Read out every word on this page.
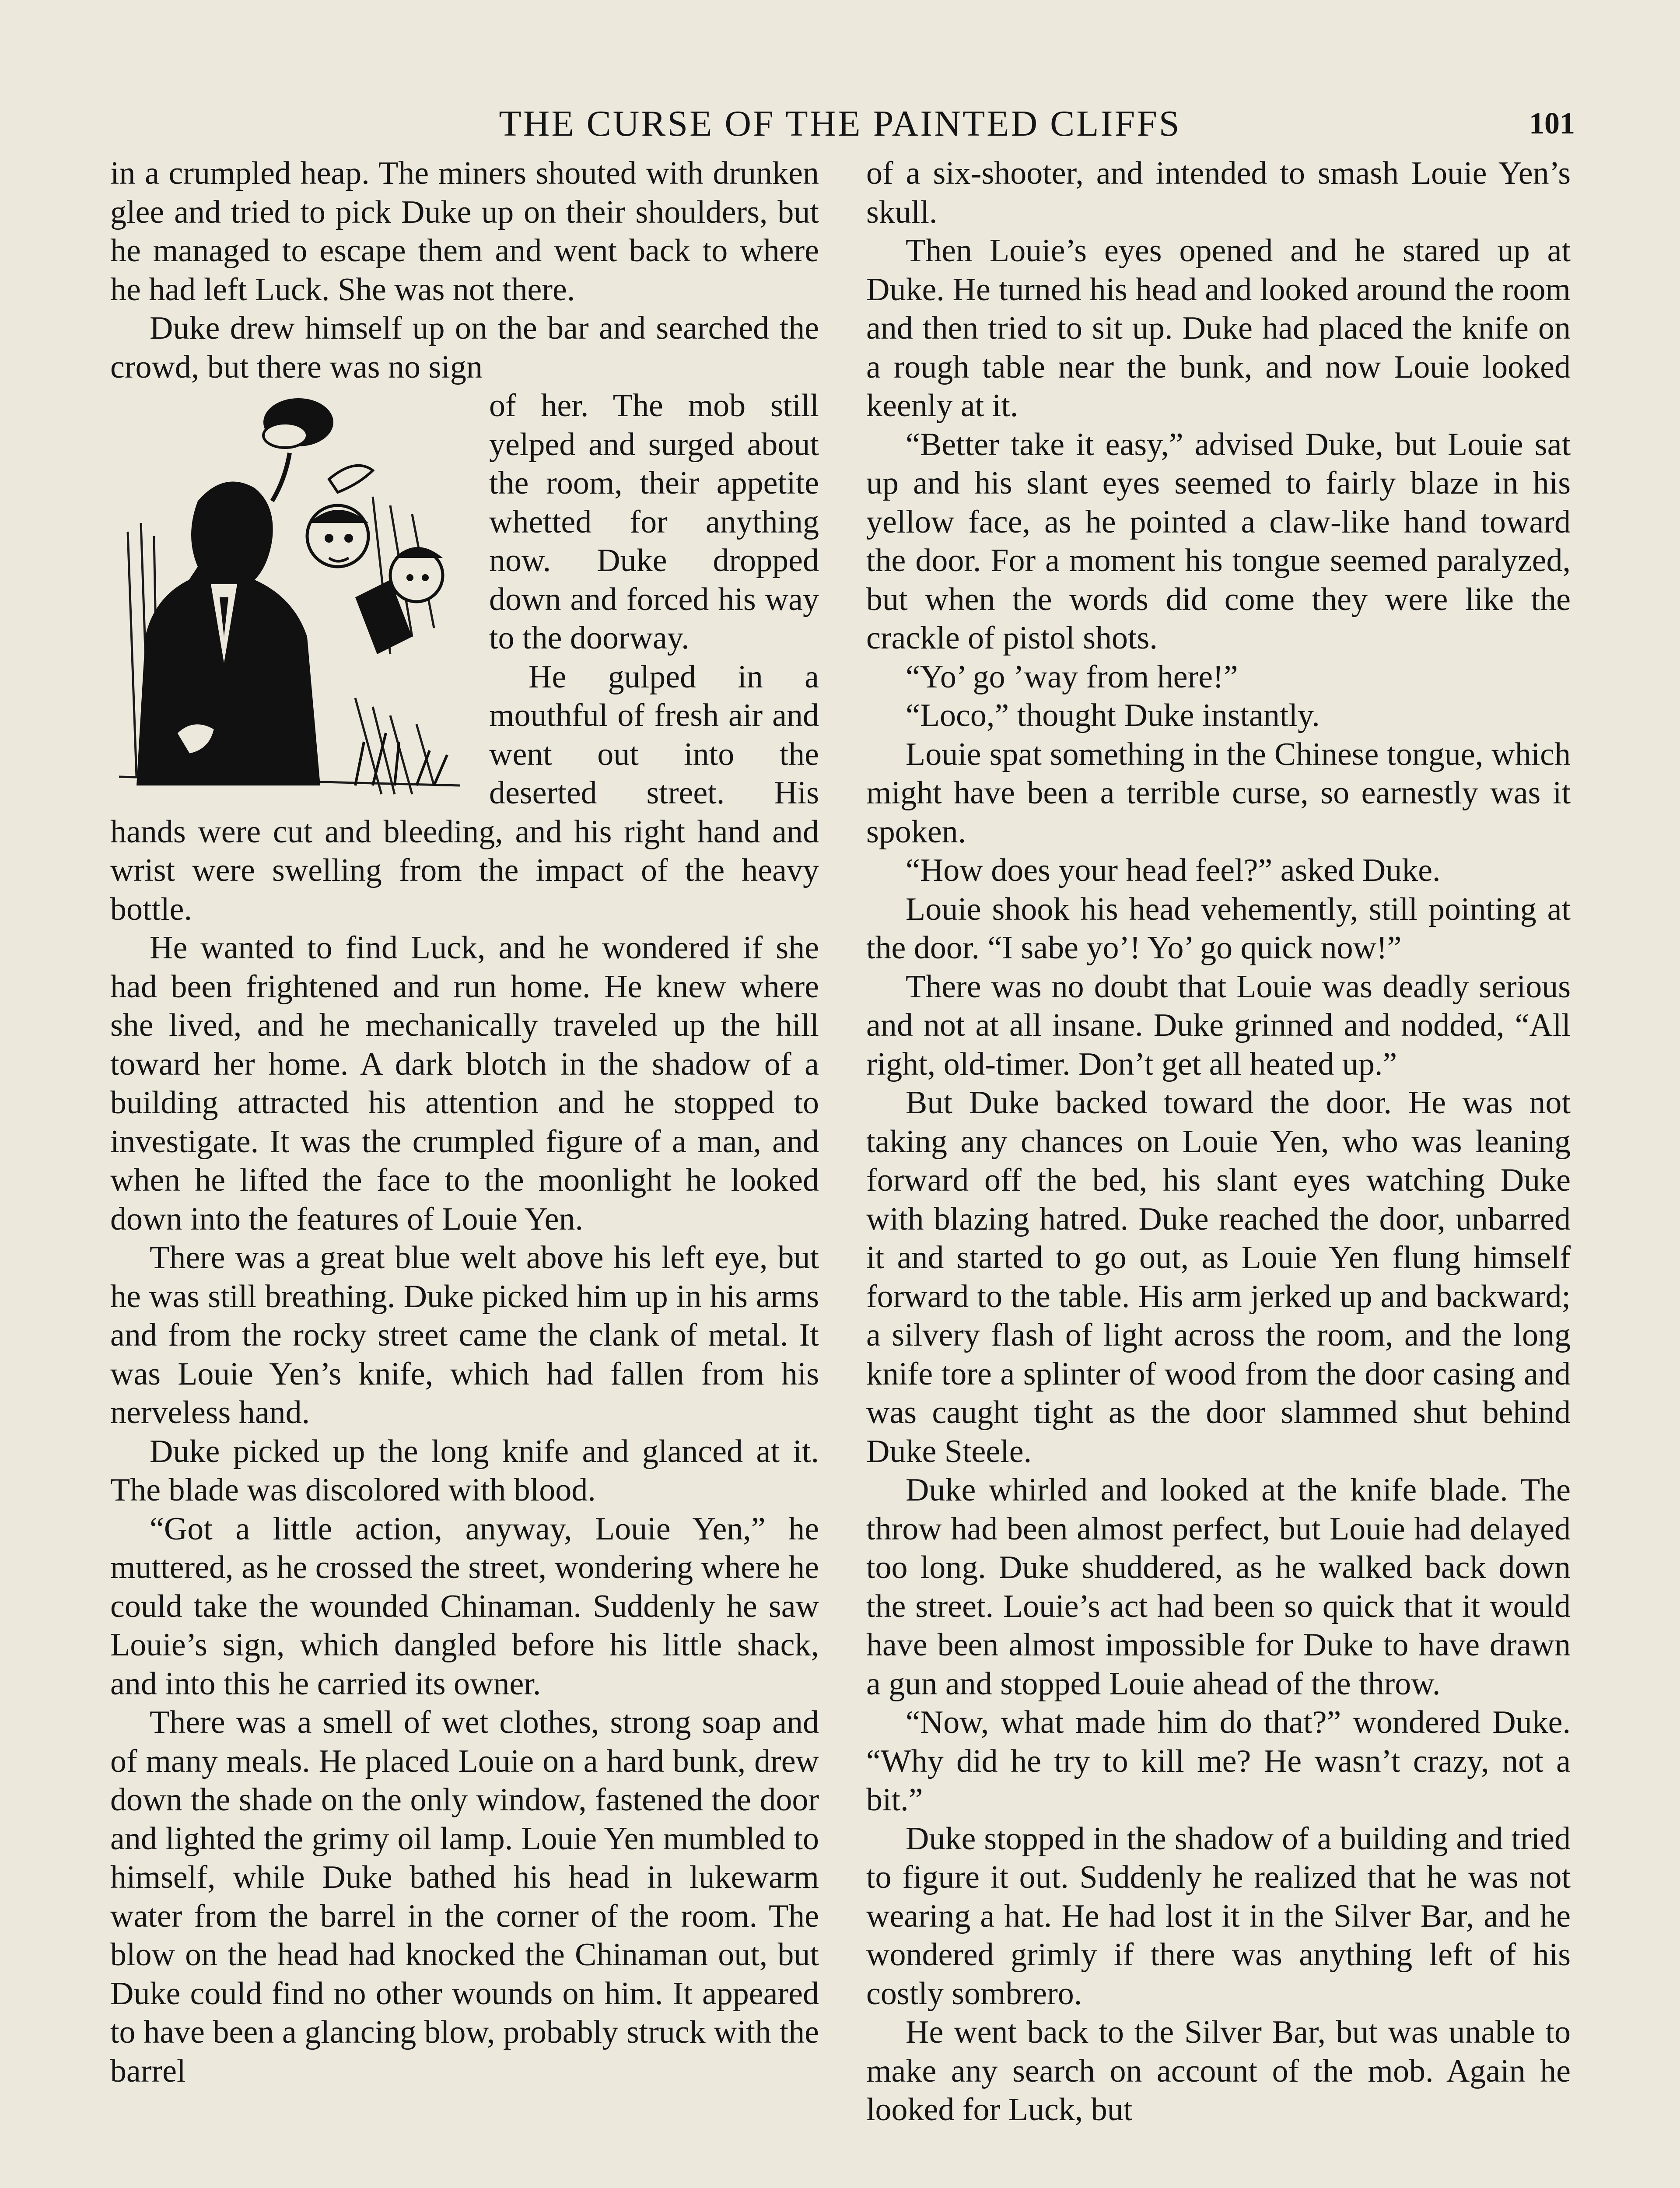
THE CURSE OF THE PAINTED CLIFFS	101

in a crumpled heap. The miners shouted with drunken glee and tried to pick Duke up on their shoulders, but he managed to escape them and went back to where he had left Luck. She was not there.

Duke drew himself up on the bar and searched the crowd, but there was no sign

of her. The mob still yelped and surged about the room, their appetite whetted for anything now. Duke dropped down and forced his way to the doorway.

He gulped in a mouthful of fresh air and went out into the deserted street. His hands were cut and bleeding, and his right hand and wrist were swelling from the impact of the heavy bottle.

He wanted to find Luck, and he wondered if she had been frightened and run home. He knew where she lived, and he mechanically traveled up the hill toward her home. A dark blotch in the shadow of a building attracted his attention and he stopped to investigate. It was the crumpled figure of a man, and when he lifted the face to the moonlight he looked down into the features of Louie Yen.

There was a great blue welt above his left eye, but he was still breathing. Duke picked him up in his arms and from the rocky street came the clank of metal. It was Louie Yen’s knife, which had fallen from his nerveless hand.

Duke picked up the long knife and glanced at it. The blade was discolored with blood.

“Got a little action, anyway, Louie Yen,” he muttered, as he crossed the street, wondering where he could take the wounded Chinaman. Suddenly he saw Louie’s sign, which dangled before his little shack, and into this he carried its owner.

There was a smell of wet clothes, strong soap and of many meals. He placed Louie on a hard bunk, drew down the shade on the only window, fastened the door and lighted the grimy oil lamp. Louie Yen mumbled to himself, while Duke bathed his head in lukewarm water from the barrel in the corner of the room. The blow on the head had knocked the Chinaman out, but Duke could find no other wounds on him. It appeared to have been a glancing blow, probably struck with the barrel

of a six-shooter, and intended to smash Louie Yen’s skull.

Then Louie’s eyes opened and he stared up at Duke. He turned his head and looked around the room and then tried to sit up. Duke had placed the knife on a rough table near the bunk, and now Louie looked keenly at it.

“Better take it easy,” advised Duke, but Louie sat up and his slant eyes seemed to fairly blaze in his yellow face, as he pointed a claw-like hand toward the door. For a moment his tongue seemed paralyzed, but when the words did come they were like the crackle of pistol shots.

“Yo’ go ’way from here!”

“Loco,” thought Duke instantly.

Louie spat something in the Chinese tongue, which might have been a terrible curse, so earnestly was it spoken.

“How does your head feel?” asked Duke.

Louie shook his head vehemently, still pointing at the door. “I sabe yo’! Yo’ go quick now!”

There was no doubt that Louie was deadly serious and not at all insane. Duke grinned and nodded, “All right, old-timer. Don’t get all heated up.”

But Duke backed toward the door. He was not taking any chances on Louie Yen, who was leaning forward off the bed, his slant eyes watching Duke with blazing hatred. Duke reached the door, unbarred it and started to go out, as Louie Yen flung himself forward to the table. His arm jerked up and backward; a silvery flash of light across the room, and the long knife tore a splinter of wood from the door casing and was caught tight as the door slammed shut behind Duke Steele.

Duke whirled and looked at the knife blade. The throw had been almost perfect, but Louie had delayed too long. Duke shuddered, as he walked back down the street. Louie’s act had been so quick that it would have been almost impossible for Duke to have drawn a gun and stopped Louie ahead of the throw.

“Now, what made him do that?” wondered Duke. “Why did he try to kill me? He wasn’t crazy, not a bit.”

Duke stopped in the shadow of a building and tried to figure it out. Suddenly he realized that he was not wearing a hat. He had lost it in the Silver Bar, and he wondered grimly if there was anything left of his costly sombrero.

He went back to the Silver Bar, but was unable to make any search on account of the mob. Again he looked for Luck, but
